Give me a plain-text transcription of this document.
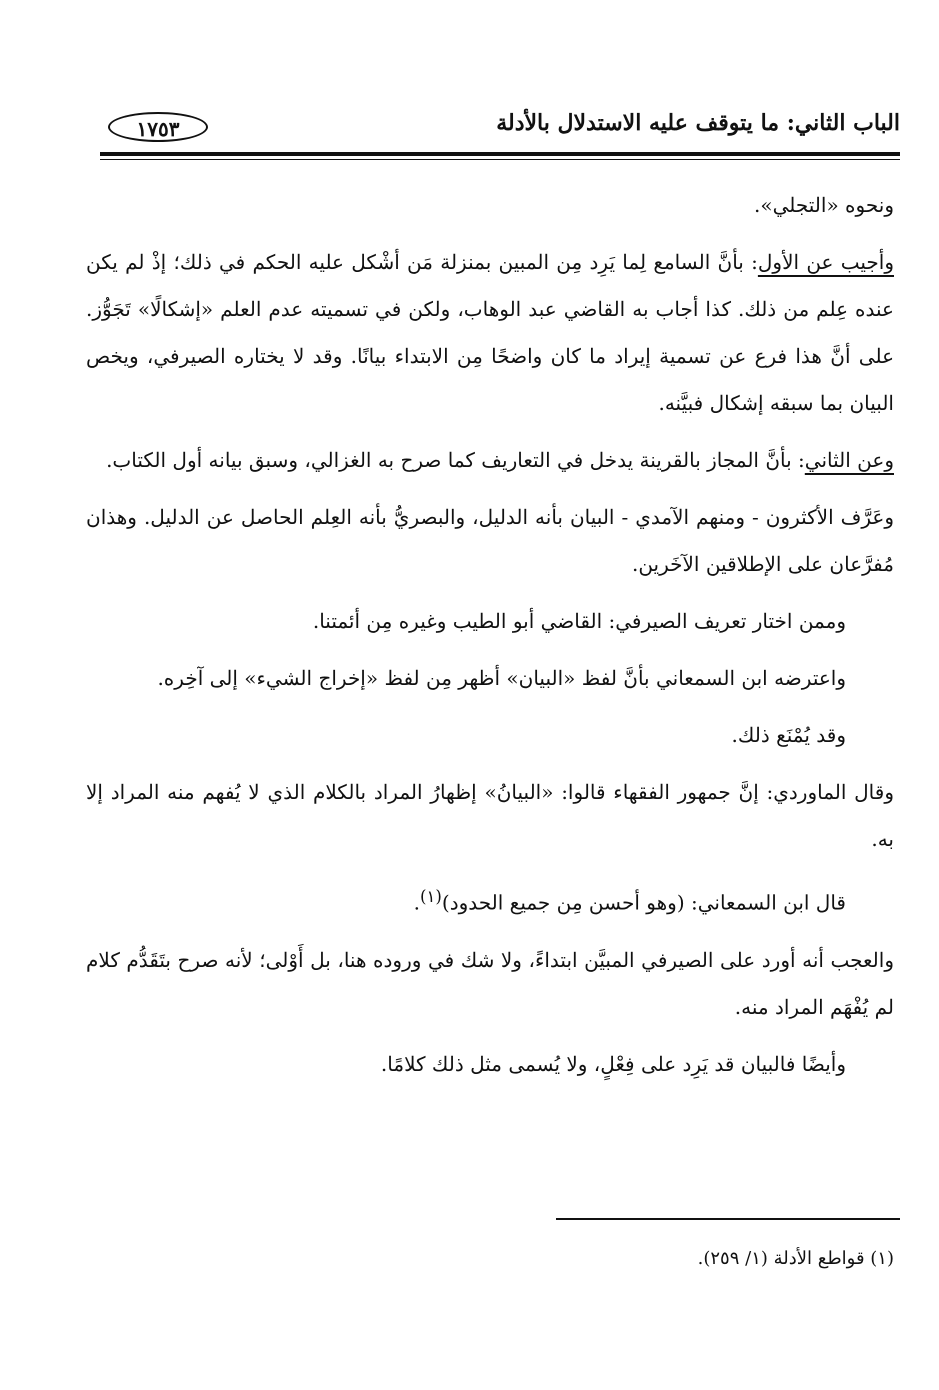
الباب الثاني: ما يتوقف عليه الاستدلال بالأدلة
١٧٥٣

ونحوه «التجلي».

وأجيب عن الأول: بأنَّ السامع لِما يَرِد مِن المبين بمنزلة مَن أشْكل عليه الحكم في ذلك؛ إذْ لم يكن عنده عِلم من ذلك. كذا أجاب به القاضي عبد الوهاب، ولكن في تسميته عدم العلم «إشكالًا» تَجَوُّز. على أنَّ هذا فرع عن تسمية إيراد ما كان واضحًا مِن الابتداء بيانًا. وقد لا يختاره الصيرفي، ويخص البيان بما سبقه إشكال فبيَّنه.

وعن الثاني: بأنَّ المجاز بالقرينة يدخل في التعاريف كما صرح به الغزالي، وسبق بيانه أول الكتاب.

وعَرَّف الأكثرون - ومنهم الآمدي - البيان بأنه الدليل، والبصريُّ بأنه العِلم الحاصل عن الدليل. وهذان مُفرَّعان على الإطلاقين الآخَرين.

وممن اختار تعريف الصيرفي: القاضي أبو الطيب وغيره مِن أئمتنا.

واعترضه ابن السمعاني بأنَّ لفظ «البيان» أظهر مِن لفظ «إخراج الشيء» إلى آخِره.

وقد يُمْنَع ذلك.

وقال الماوردي: إنَّ جمهور الفقهاء قالوا: «البيانُ» إظهارُ المراد بالكلام الذي لا يُفهم منه المراد إلا به.

قال ابن السمعاني: (وهو أحسن مِن جميع الحدود)$^{(١)}$.

والعجب أنه أورد على الصيرفي المبيَّن ابتداءً، ولا شك في وروده هنا، بل أَوْلى؛ لأنه صرح بتَقَدُّم كلام لم يُفْهَم المراد منه.

وأيضًا فالبيان قد يَرِد على فِعْلٍ، ولا يُسمى مثل ذلك كلامًا.

(١) قواطع الأدلة (١/ ٢٥٩).
